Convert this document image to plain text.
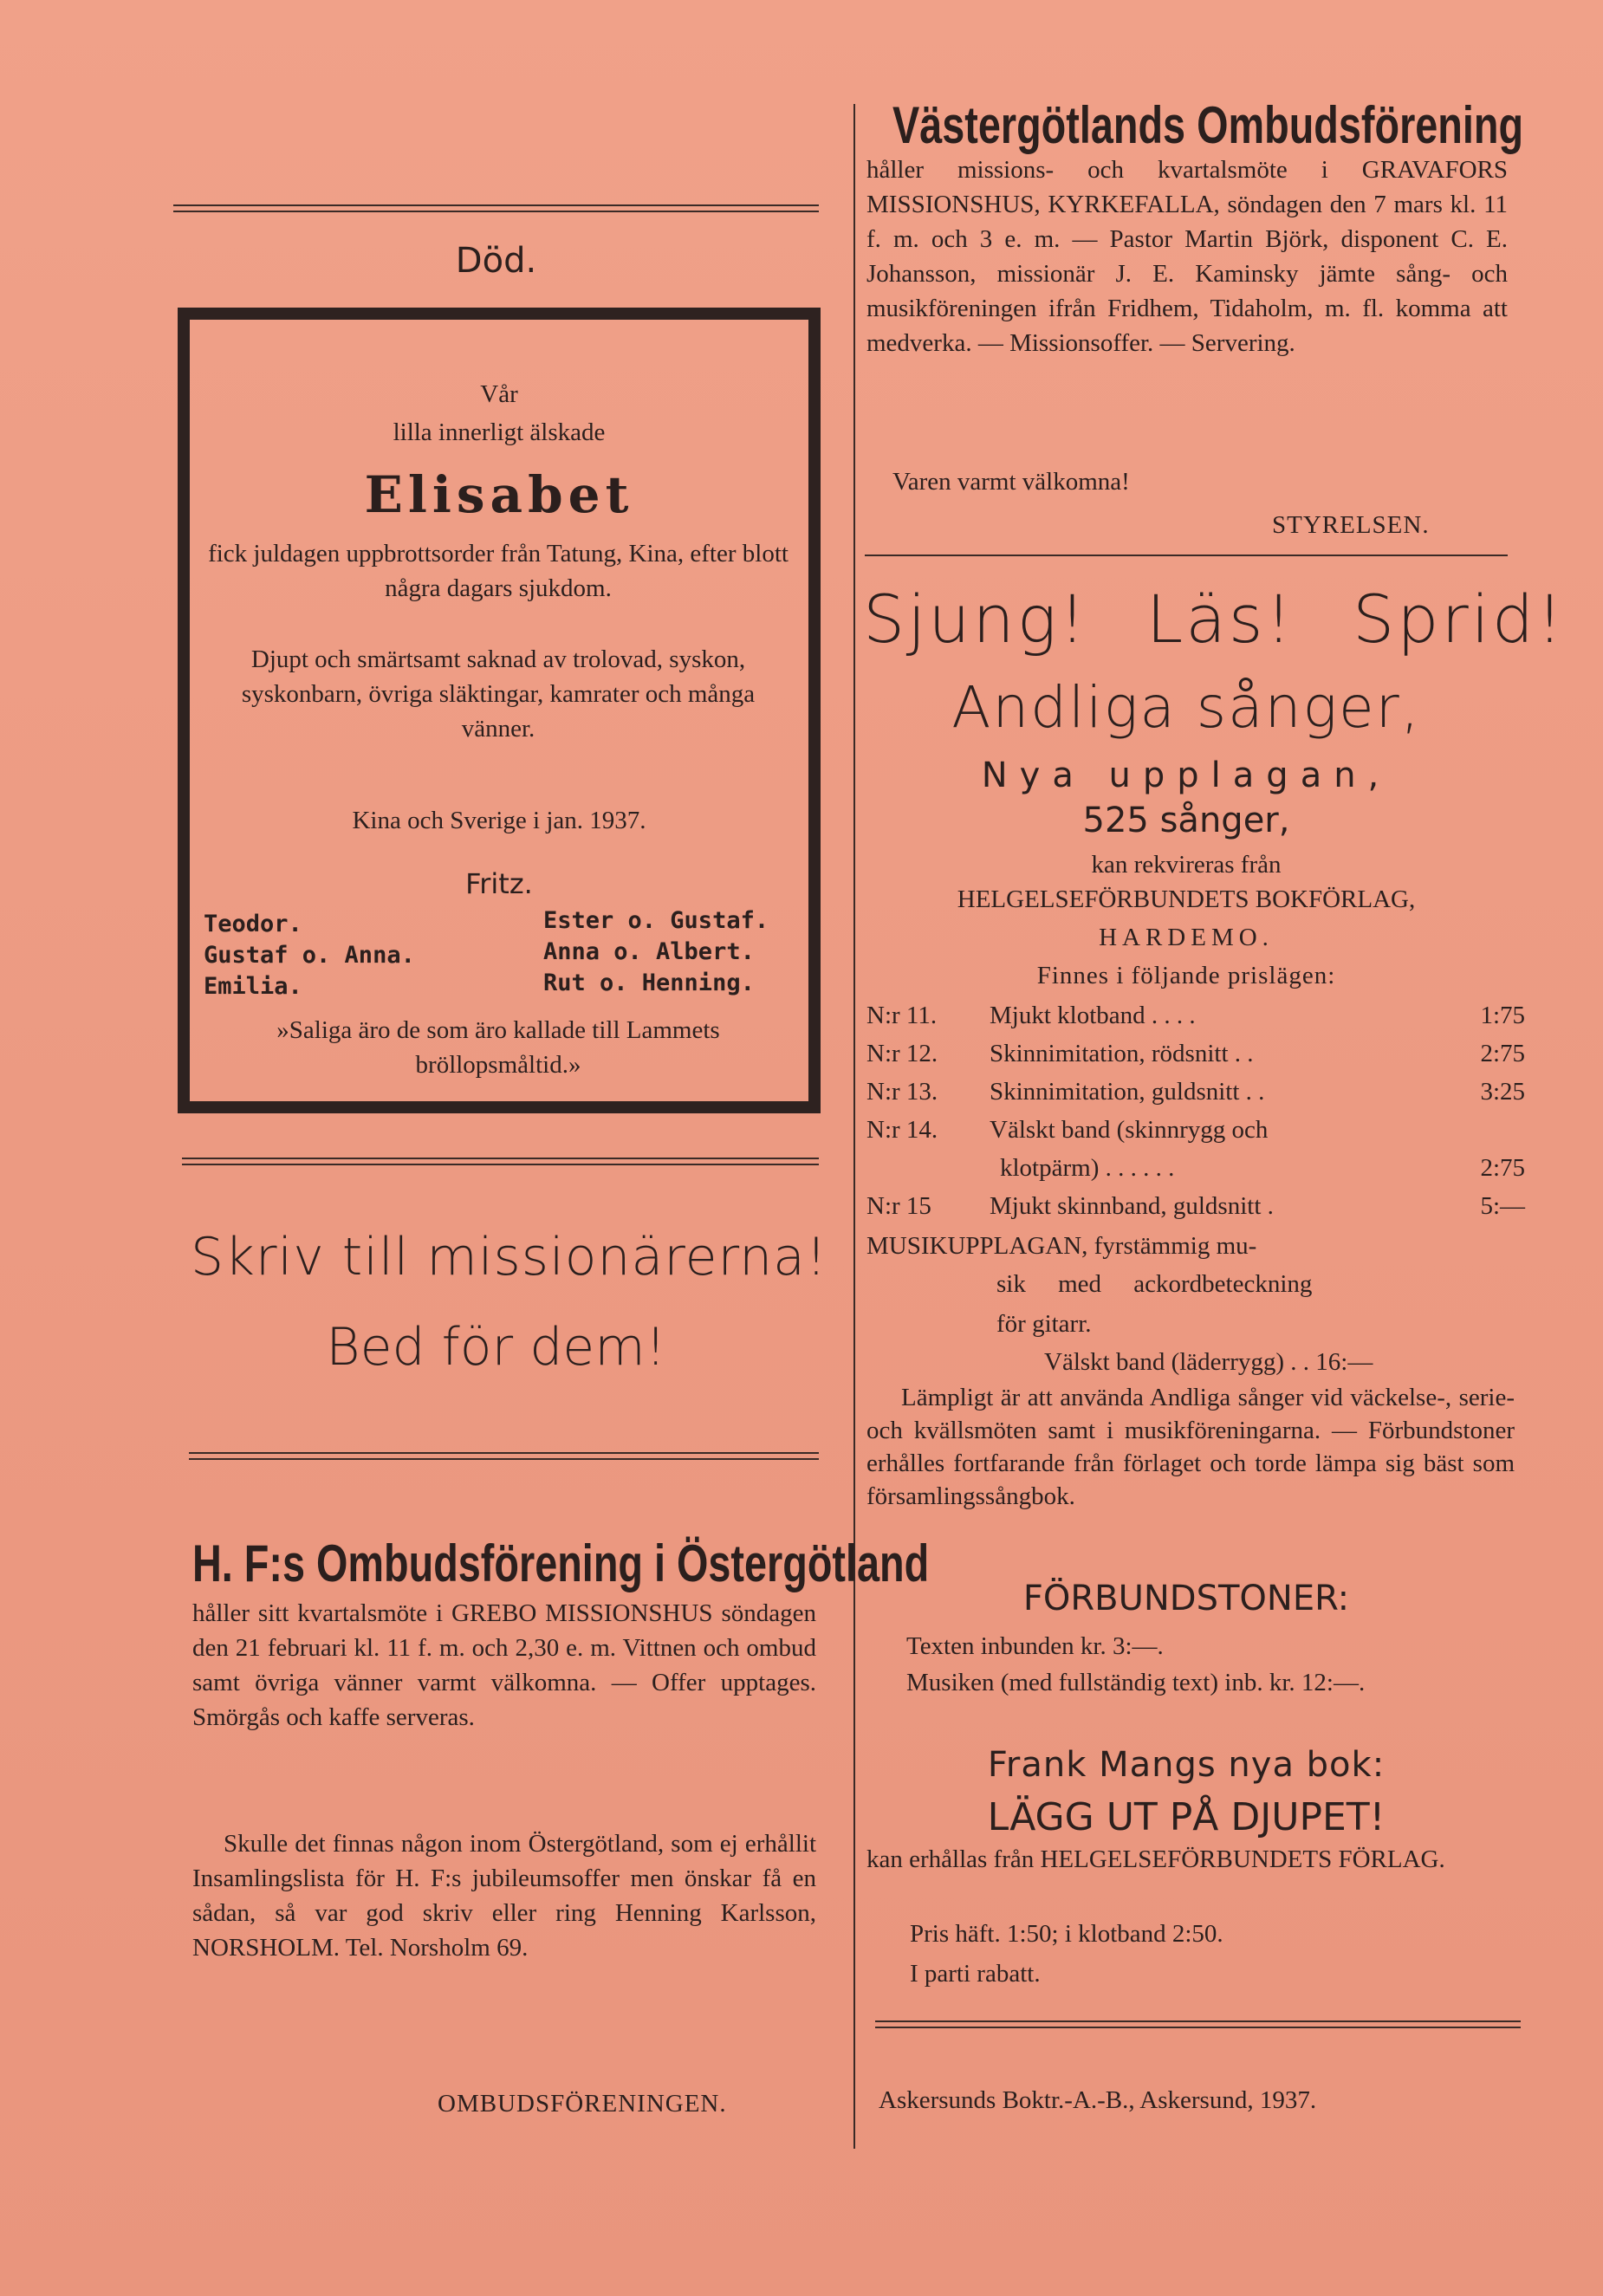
Död.
Vår
lilla innerligt älskade
Elisabet
fick juldagen uppbrottsorder från Tatung, Kina, efter blott några dagars sjukdom.
Djupt och smärtsamt saknad av trolovad, syskon, syskonbarn, övriga släktingar, kamrater och många vänner.
Kina och Sverige i jan. 1937.
Fritz.
Teodor.
Gustaf o. Anna.
Emilia.
Ester o. Gustaf.
Anna o. Albert.
Rut o. Henning.
»Saliga äro de som äro kallade till Lammets bröllopsmåltid.»
Skriv till missionärerna!
Bed för dem!
H. F:s Ombudsförening i Östergötland
håller sitt kvartalsmöte i GREBO MISSIONSHUS söndagen den 21 februari kl. 11 f. m. och 2,30 e. m. Vittnen och ombud samt övriga vänner varmt välkomna. — Offer upptages. Smörgås och kaffe serveras.
Skulle det finnas någon inom Östergötland, som ej erhållit Insamlingslista för H. F:s jubileumsoffer men önskar få en sådan, så var god skriv eller ring Henning Karlsson, NORSHOLM. Tel. Norsholm 69.
OMBUDSFÖRENINGEN.
Västergötlands Ombudsförening
håller missions- och kvartalsmöte i GRAVAFORS MISSIONSHUS, KYRKEFALLA, söndagen den 7 mars kl. 11 f. m. och 3 e. m. — Pastor Martin Björk, disponent C. E. Johansson, missionär J. E. Kaminsky jämte sång- och musikföreningen ifrån Fridhem, Tidaholm, m. fl. komma att medverka. — Missionsoffer. — Servering.
Varen varmt välkomna!
STYRELSEN.
Sjung! Läs! Sprid!
Andliga sånger,
Nya upplagan,
525 sånger,
kan rekvireras från
HELGELSEFÖRBUNDETS BOKFÖRLAG,
HARDEMO.
Finnes i följande prislägen:
N:r 11. Mjukt klotband . . . .	1:75
N:r 12. Skinnimitation, rödsnitt . .	2:75
N:r 13. Skinnimitation, guldsnitt . .	3:25
N:r 14. Välskt band (skinnrygg och
klotpärm) . . . . . .	2:75
N:r 15 Mjukt skinnband, guldsnitt .	5:—
MUSIKUPPLAGAN, fyrstämmig mu-
sik med ackordbeteckning
för gitarr.
Välskt band (läderrygg) . . 16:—
Lämpligt är att använda Andliga sånger vid väckelse-, serie- och kvällsmöten samt i musikföreningarna. — Förbundstoner erhålles fortfarande från förlaget och torde lämpa sig bäst som församlingssångbok.
FÖRBUNDSTONER:
Texten inbunden kr. 3:—.
Musiken (med fullständig text) inb. kr. 12:—.
Frank Mangs nya bok:
LÄGG UT PÅ DJUPET!
kan erhållas från HELGELSEFÖRBUNDETS FÖRLAG.
Pris häft. 1:50; i klotband 2:50.
I parti rabatt.
Askersunds Boktr.-A.-B., Askersund, 1937.
